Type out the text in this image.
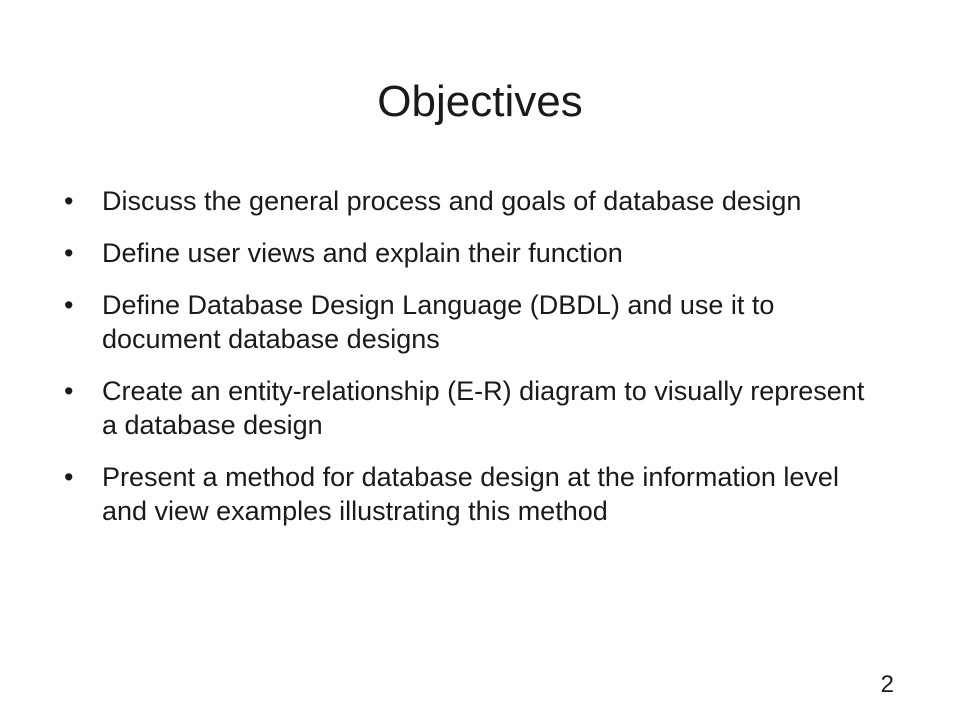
Objectives
•	Discuss the general process and goals of database design
•	Define user views and explain their function
•	Define Database Design Language (DBDL) and use it to document database designs
•	Create an entity-relationship (E-R) diagram to visually represent a database design
•	Present a method for database design at the information level and view examples illustrating this method
2
